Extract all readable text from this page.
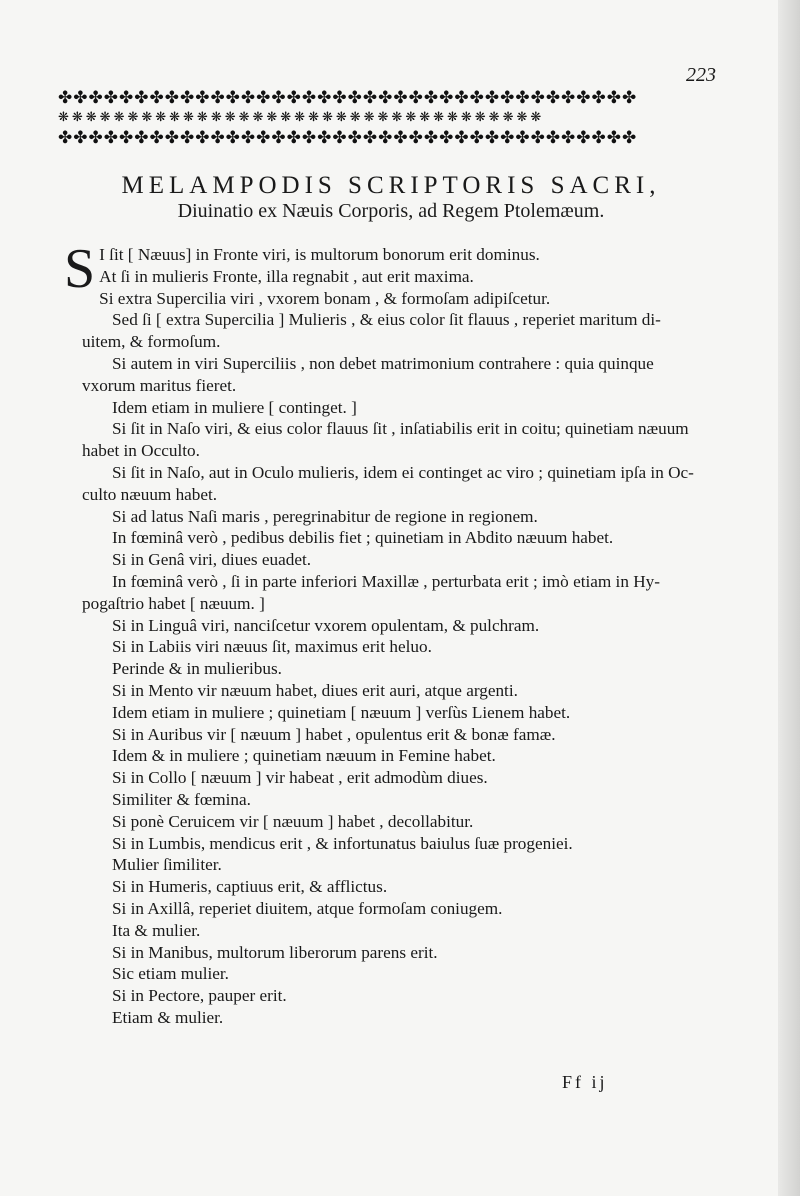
223
✤✤✤✤✤✤✤✤✤✤✤✤✤✤✤✤✤✤✤✤✤✤✤✤✤✤✤✤✤✤✤✤✤✤✤✤✤✤
❋❋❋❋❋❋❋❋❋❋❋❋❋❋❋❋❋❋❋❋❋❋❋❋❋❋❋❋❋❋❋❋❋❋❋
✤✤✤✤✤✤✤✤✤✤✤✤✤✤✤✤✤✤✤✤✤✤✤✤✤✤✤✤✤✤✤✤✤✤✤✤✤✤
MELAMPODIS SCRIPTORIS SACRI,
Diuinatio ex Næuis Corporis, ad Regem Ptolemæum.

S I ſit [ Næuus] in Fronte viri, is multorum bonorum erit dominus.

At ſi in mulieris Fronte, illa regnabit , aut erit maxima.

Si extra Supercilia viri , vxorem bonam , & formoſam adipiſcetur.

Sed ſi [ extra Supercilia ] Mulieris , & eius color ſit flauus , reperiet maritum di-

uitem, & formoſum.

Si autem in viri Superciliis , non debet matrimonium contrahere : quia quinque

vxorum maritus fieret.

Idem etiam in muliere [ continget. ]

Si ſit in Naſo viri, & eius color flauus ſit , inſatiabilis erit in coitu; quinetiam næuum

habet in Occulto.

Si ſit in Naſo, aut in Oculo mulieris, idem ei continget ac viro ; quinetiam ipſa in Oc-

culto næuum habet.

Si ad latus Naſi maris , peregrinabitur de regione in regionem.

In fœminâ verò , pedibus debilis fiet ; quinetiam in Abdito næuum habet.

Si in Genâ viri, diues euadet.

In fœminâ verò , ſi in parte inferiori Maxillæ , perturbata erit ; imò etiam in Hy-

pogaſtrio habet [ næuum. ]

Si in Linguâ viri, nanciſcetur vxorem opulentam, & pulchram.

Si in Labiis viri næuus ſit, maximus erit heluo.

Perinde & in mulieribus.

Si in Mento vir næuum habet, diues erit auri, atque argenti.

Idem etiam in muliere ; quinetiam [ næuum ] verſùs Lienem habet.

Si in Auribus vir [ næuum ] habet , opulentus erit & bonæ famæ.

Idem & in muliere ; quinetiam næuum in Femine habet.

Si in Collo [ næuum ] vir habeat , erit admodùm diues.

Similiter & fœmina.

Si ponè Ceruicem vir [ næuum ] habet , decollabitur.

Si in Lumbis, mendicus erit , & infortunatus baiulus ſuæ progeniei.

Mulier ſimiliter.

Si in Humeris, captiuus erit, & afflictus.

Si in Axillâ, reperiet diuitem, atque formoſam coniugem.

Ita & mulier.

Si in Manibus, multorum liberorum parens erit.

Sic etiam mulier.

Si in Pectore, pauper erit.

Etiam & mulier.

Ff ij
